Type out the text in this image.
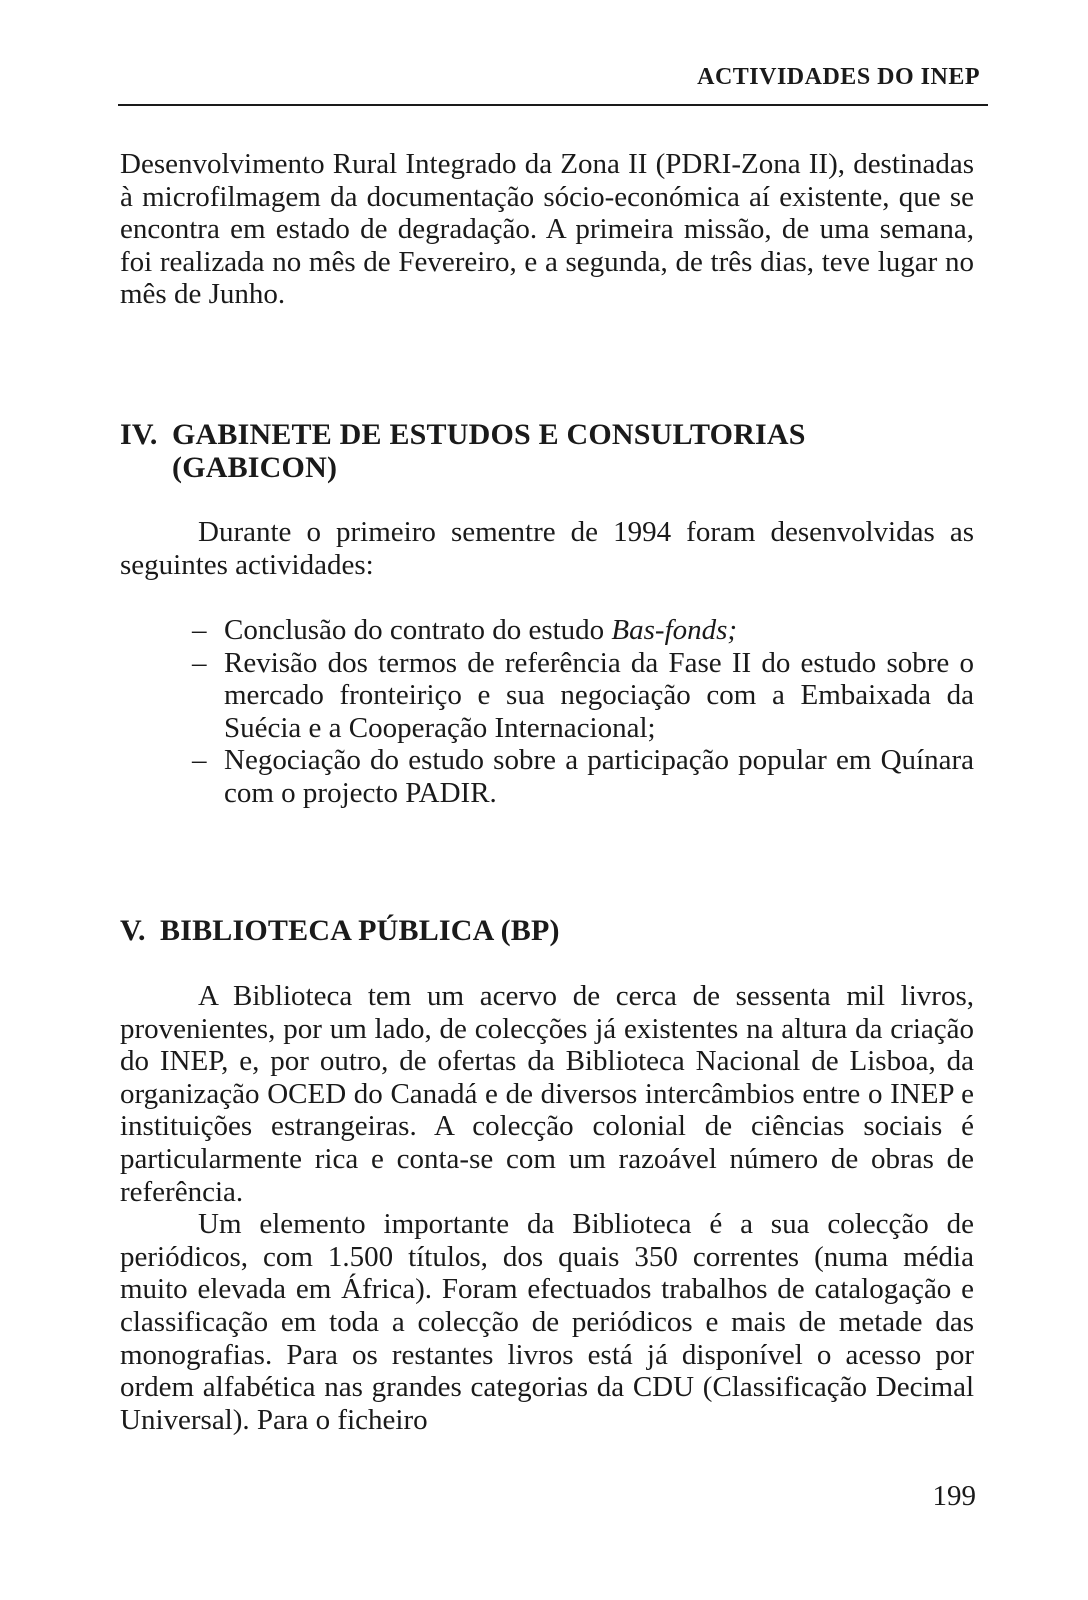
ACTIVIDADES DO INEP

Desenvolvimento Rural Integrado da Zona II (PDRI-Zona II), destinadas à microfilmagem da documentação sócio-económica aí existente, que se encontra em estado de degradação. A primeira missão, de uma semana, foi realizada no mês de Fevereiro, e a segunda, de três dias, teve lugar no mês de Junho.

IV. GABINETE DE ESTUDOS E CONSULTORIAS
(GABICON)

Durante o primeiro sementre de 1994 foram desenvolvidas as seguintes actividades:

– Conclusão do contrato do estudo Bas-fonds;
– Revisão dos termos de referência da Fase II do estudo sobre o mercado fronteiriço e sua negociação com a Embaixada da Suécia e a Cooperação Internacional;
– Negociação do estudo sobre a participação popular em Quínara com o projecto PADIR.
V. BIBLIOTECA PÚBLICA (BP)

A Biblioteca tem um acervo de cerca de sessenta mil livros, provenientes, por um lado, de colecções já existentes na altura da criação do INEP, e, por outro, de ofertas da Biblioteca Nacional de Lisboa, da organização OCED do Canadá e de diversos intercâmbios entre o INEP e instituições estrangeiras. A colecção colonial de ciências sociais é particularmente rica e conta-se com um razoável número de obras de referência.

Um elemento importante da Biblioteca é a sua colecção de periódicos, com 1.500 títulos, dos quais 350 correntes (numa média muito elevada em África). Foram efectuados trabalhos de catalogação e classificação em toda a colecção de periódicos e mais de metade das monografias. Para os restantes livros está já disponível o acesso por ordem alfabética nas grandes categorias da CDU (Classificação Decimal Universal). Para o ficheiro

199
